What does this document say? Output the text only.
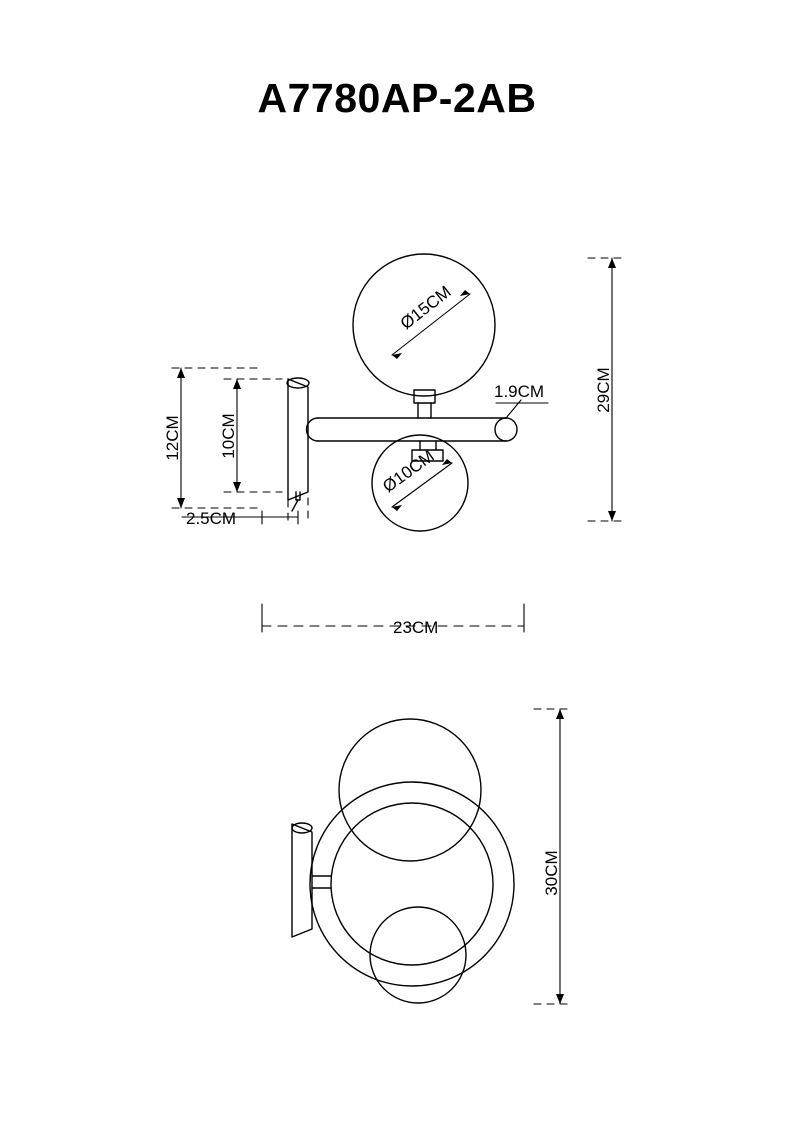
A7780AP-2AB
Ø15CM
Ø10CM
1.9CM
12CM 10CM
29CM
2.5CM
23CM
30CM
